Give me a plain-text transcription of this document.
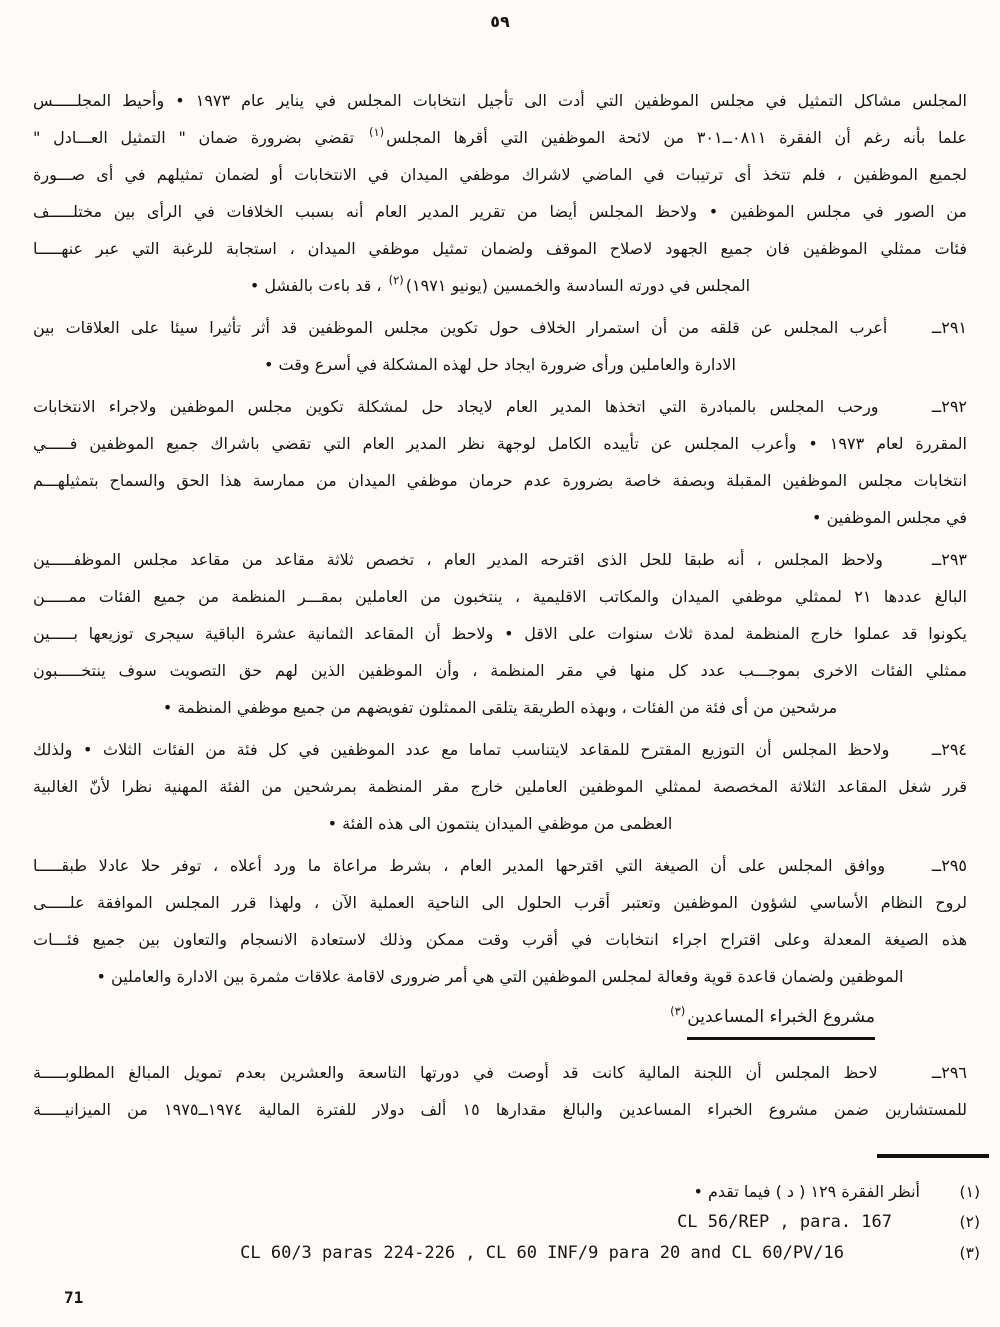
٥٩
المجلس مشاكل التمثيل في مجلس الموظفين التي أدت الى تأجيل انتخابات المجلس في يناير عام ١٩٧٣ • وأحيط المجلـــــس
علما بأنه رغم أن الفقرة ٠٨١١ــ٣٠١ من لائحة الموظفين التي أقرها المجلس(١) تقضي بضرورة ضمان " التمثيل العـــادل "
لجميع الموظفين ، فلم تتخذ أى ترتيبات في الماضي لاشراك موظفي الميدان في الانتخابات أو لضمان تمثيلهم في أى صـــورة
من الصور في مجلس الموظفين • ولاحظ المجلس أيضا من تقرير المدير العام أنه بسبب الخلافات في الرأى بين مختلـــــف
فئات ممثلي الموظفين فان جميع الجهود لاصلاح الموقف ولضمان تمثيل موظفي الميدان ، استجابة للرغبة التي عبر عنهـــــا
المجلس في دورته السادسة والخمسين (يونيو ١٩٧١)(٢) ، قد باءت بالفشل •
٢٩١ــ    أعرب المجلس عن قلقه من أن استمرار الخلاف حول تكوين مجلس الموظفين قد أثر تأثيرا سيئا على العلاقات بين
الادارة والعاملين ورأى ضرورة ايجاد حل لهذه المشكلة في أسرع وقت •
٢٩٢ــ    ورحب المجلس بالمبادرة التي اتخذها المدير العام لايجاد حل لمشكلة تكوين مجلس الموظفين ولاجراء الانتخابات
المقررة لعام ١٩٧٣ • وأعرب المجلس عن تأييده الكامل لوجهة نظر المدير العام التي تقضي باشراك جميع الموظفين فـــــي
انتخابات مجلس الموظفين المقبلة وبصفة خاصة بضرورة عدم حرمان موظفي الميدان من ممارسة هذا الحق والسماح بتمثيلهـــم
في مجلس الموظفين •
٢٩٣ــ    ولاحظ المجلس ، أنه طبقا للحل الذى اقترحه المدير العام ، تخصص ثلاثة مقاعد من مقاعد مجلس الموظفـــــين
البالغ عددها ٢١ لممثلي موظفي الميدان والمكاتب الاقليمية ، ينتخبون من العاملين بمقـــر المنظمة من جميع الفئات ممـــــن
يكونوا قد عملوا خارج المنظمة لمدة ثلاث سنوات على الاقل • ولاحظ أن المقاعد الثمانية عشرة الباقية سيجرى توزيعها بـــــين
ممثلي الفئات الاخرى بموجـــب عدد كل منها في مقر المنظمة ، وأن الموظفين الذين لهم حق التصويت سوف ينتخـــــبون
مرشحين من أى فئة من الفئات ، وبهذه الطريقة يتلقى الممثلون تفويضهم من جميع موظفي المنظمة •
٢٩٤ــ    ولاحظ المجلس أن التوزيع المقترح للمقاعد لايتناسب تماما مع عدد الموظفين في كل فئة من الفئات الثلاث • ولذلك
قرر شغل المقاعد الثلاثة المخصصة لممثلي الموظفين العاملين خارج مقر المنظمة بمرشحين من الفئة المهنية نظرا لأنّ الغالبية
العظمى من موظفي الميدان ينتمون الى هذه الفئة •
٢٩٥ــ    ووافق المجلس على أن الصيغة التي اقترحها المدير العام ، بشرط مراعاة ما ورد أعلاه ، توفر حلا عادلا طبقـــــا
لروح النظام الأساسي لشؤون الموظفين وتعتبر أقرب الحلول الى الناحية العملية الآن ، ولهذا قرر المجلس الموافقة علـــــى
هذه الصيغة المعدلة وعلى اقتراح اجراء انتخابات في أقرب وقت ممكن وذلك لاستعادة الانسجام والتعاون بين جميع فئـــات
الموظفين ولضمان قاعدة قوية وفعالة لمجلس الموظفين التي هي أمر ضرورى لاقامة علاقات مثمرة بين الادارة والعاملين •
مشروع الخبراء المساعدين(٣)
٢٩٦ــ    لاحظ المجلس أن اللجنة المالية كانت قد أوصت في دورتها التاسعة والعشرين بعدم تمويل المبالغ المطلوبـــــة
للمستشارين ضمن مشروع الخبراء المساعدين والبالغ مقدارها ١٥ ألف دولار للفترة المالية ١٩٧٤ــ١٩٧٥ من الميزانيـــــة
(١)
أنظر الفقرة ١٢٩ ( د ) فيما تقدم •
(٢)
CL 56/REP , para. 167
(٣)
CL 60/3 paras 224-226 , CL 60 INF/9 para 20 and CL 60/PV/16
71
